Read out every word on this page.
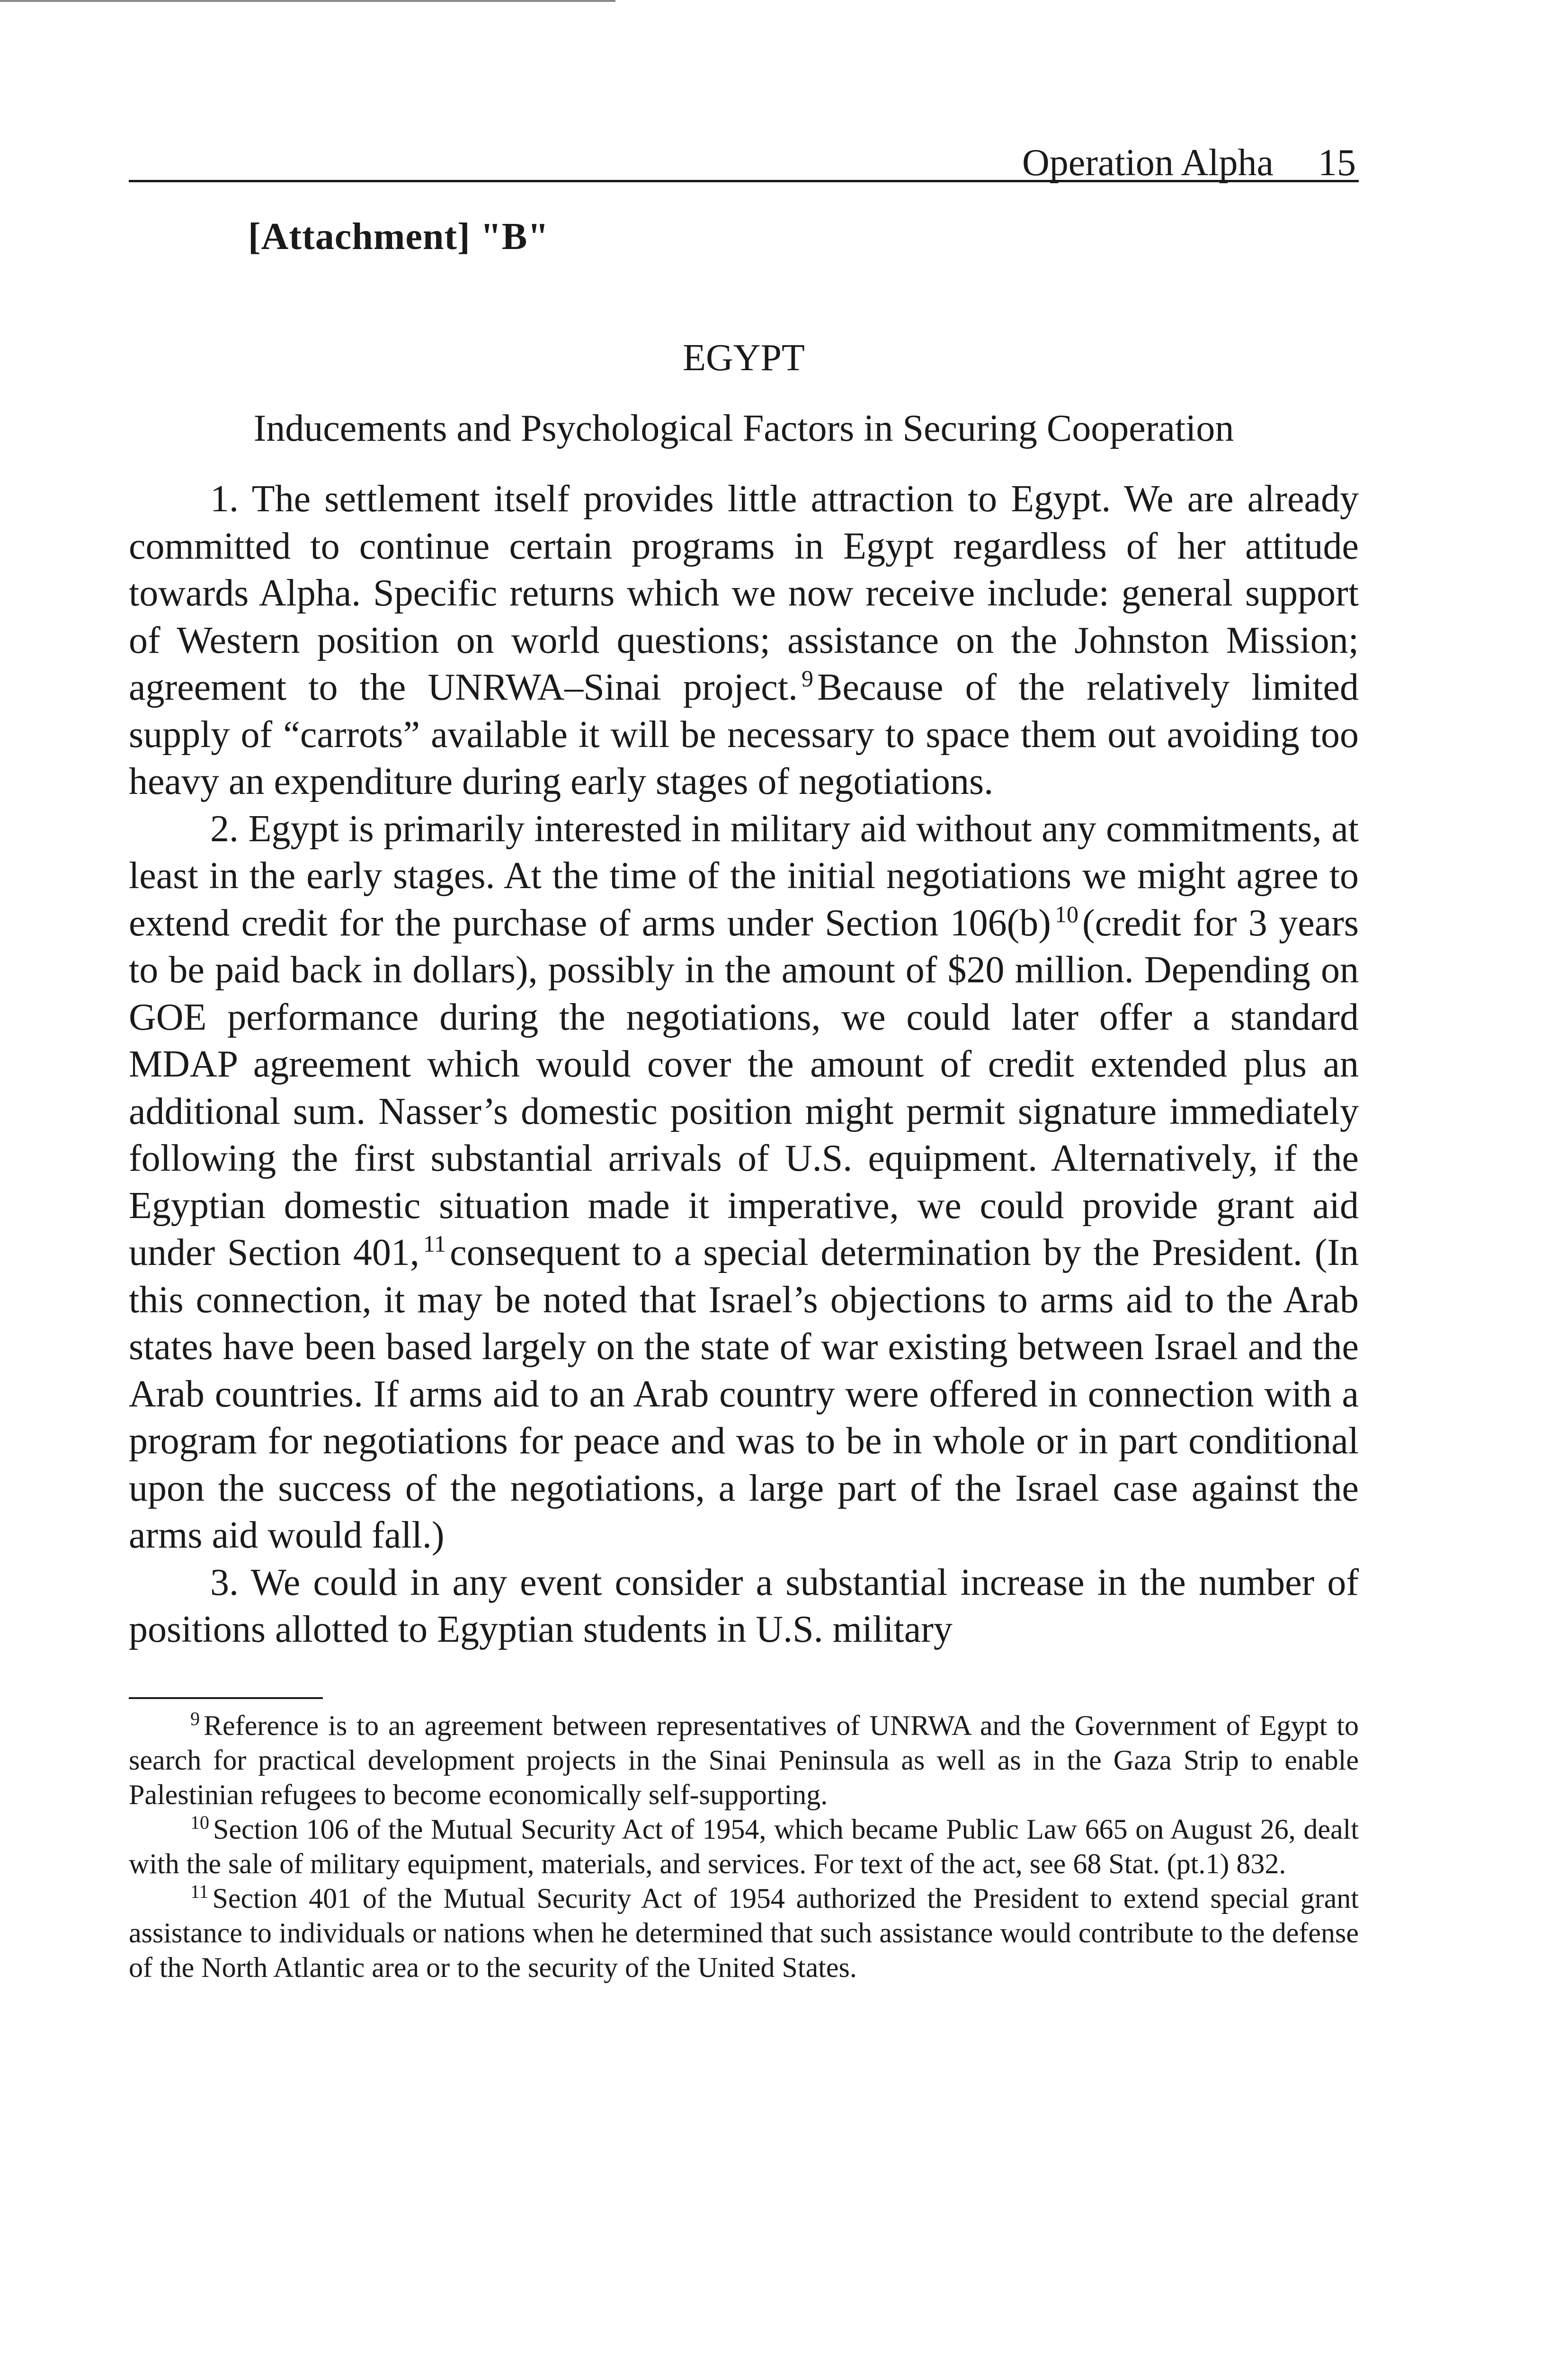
Operation Alpha 15
[Attachment] "B"
EGYPT
Inducements and Psychological Factors in Securing Cooperation

1. The settlement itself provides little attraction to Egypt. We are already committed to continue certain programs in Egypt regardless of her attitude towards Alpha. Specific returns which we now receive include: general support of Western position on world questions; assistance on the Johnston Mission; agreement to the UNRWA–Sinai project. $^9$ Because of the relatively limited supply of “carrots” available it will be necessary to space them out avoiding too heavy an expenditure during early stages of negotiations.

2. Egypt is primarily interested in military aid without any commitments, at least in the early stages. At the time of the initial negotiations we might agree to extend credit for the purchase of arms under Section 106(b) $^{10}$ (credit for 3 years to be paid back in dollars), possibly in the amount of $20 million. Depending on GOE performance during the negotiations, we could later offer a standard MDAP agreement which would cover the amount of credit extended plus an additional sum. Nasser’s domestic position might permit signature immediately following the first substantial arrivals of U.S. equipment. Alternatively, if the Egyptian domestic situation made it imperative, we could provide grant aid under Section 401, $^{11}$ consequent to a special determination by the President. (In this connection, it may be noted that Israel’s objections to arms aid to the Arab states have been based largely on the state of war existing between Israel and the Arab countries. If arms aid to an Arab country were offered in connection with a program for negotiations for peace and was to be in whole or in part conditional upon the success of the negotiations, a large part of the Israel case against the arms aid would fall.)

3. We could in any event consider a substantial increase in the number of positions allotted to Egyptian students in U.S. military

$^9$ Reference is to an agreement between representatives of UNRWA and the Government of Egypt to search for practical development projects in the Sinai Peninsula as well as in the Gaza Strip to enable Palestinian refugees to become economically self-supporting.

$^{10}$ Section 106 of the Mutual Security Act of 1954, which became Public Law 665 on August 26, dealt with the sale of military equipment, materials, and services. For text of the act, see 68 Stat. (pt.1) 832.

$^{11}$ Section 401 of the Mutual Security Act of 1954 authorized the President to extend special grant assistance to individuals or nations when he determined that such assistance would contribute to the defense of the North Atlantic area or to the security of the United States.
